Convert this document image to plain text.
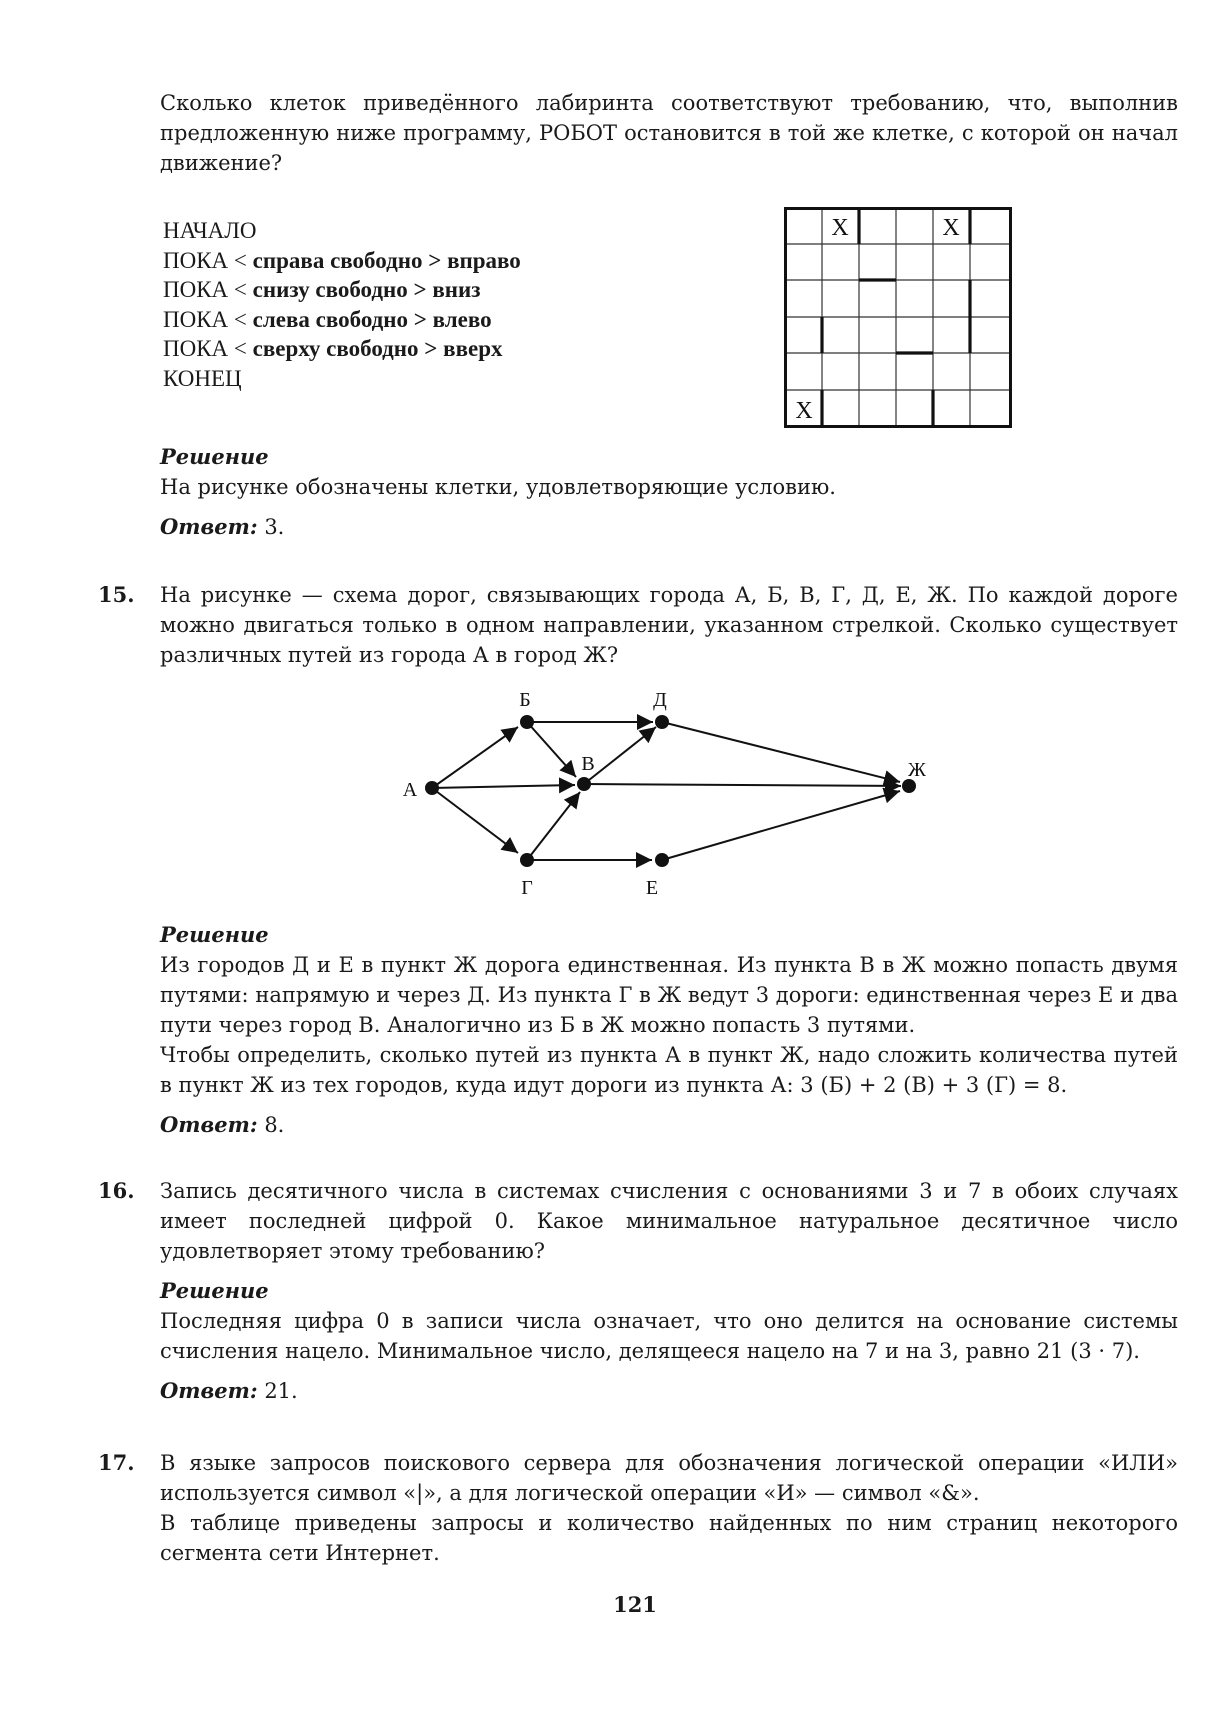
Сколько клеток приведённого лабиринта соответствуют требованию, что, выполнив предложенную ниже программу, РОБОТ остановится в той же клетке, с которой он начал движение?

НАЧАЛО
ПОКА < справа свободно > вправо
ПОКА < снизу свободно > вниз
ПОКА < слева свободно > влево
ПОКА < сверху свободно > вверх
КОНЕЦ
X	X
X

Решение

На рисунке обозначены клетки, удовлетворяющие условию.

Ответ: 3.

15. На рисунке — схема дорог, связывающих города А, Б, В, Г, Д, Е, Ж. По каждой дороге можно двигаться только в одном направлении, указанном стрелкой. Сколько существует различных путей из города А в город Ж?

А
Б
В
Г
Д
Е
Ж

Решение

Из городов Д и Е в пункт Ж дорога единственная. Из пункта В в Ж можно попасть двумя путями: напрямую и через Д. Из пункта Г в Ж ведут 3 дороги: единственная через Е и два пути через город В. Аналогично из Б в Ж можно попасть 3 путями.

Чтобы определить, сколько путей из пункта А в пункт Ж, надо сложить количества путей в пункт Ж из тех городов, куда идут дороги из пункта А: 3 (Б) + 2 (В) + 3 (Г) = 8.

Ответ: 8.

16. Запись десятичного числа в системах счисления с основаниями 3 и 7 в обоих случаях имеет последней цифрой 0. Какое минимальное натуральное десятичное число удовлетворяет этому требованию?

Решение

Последняя цифра 0 в записи числа означает, что оно делится на основание системы счисления нацело. Минимальное число, делящееся нацело на 7 и на 3, равно 21 (3 · 7).

Ответ: 21.

17. В языке запросов поискового сервера для обозначения логической операции «ИЛИ» используется символ «|», а для логической операции «И» — символ «&».

В таблице приведены запросы и количество найденных по ним страниц некоторого сегмента сети Интернет.

121
